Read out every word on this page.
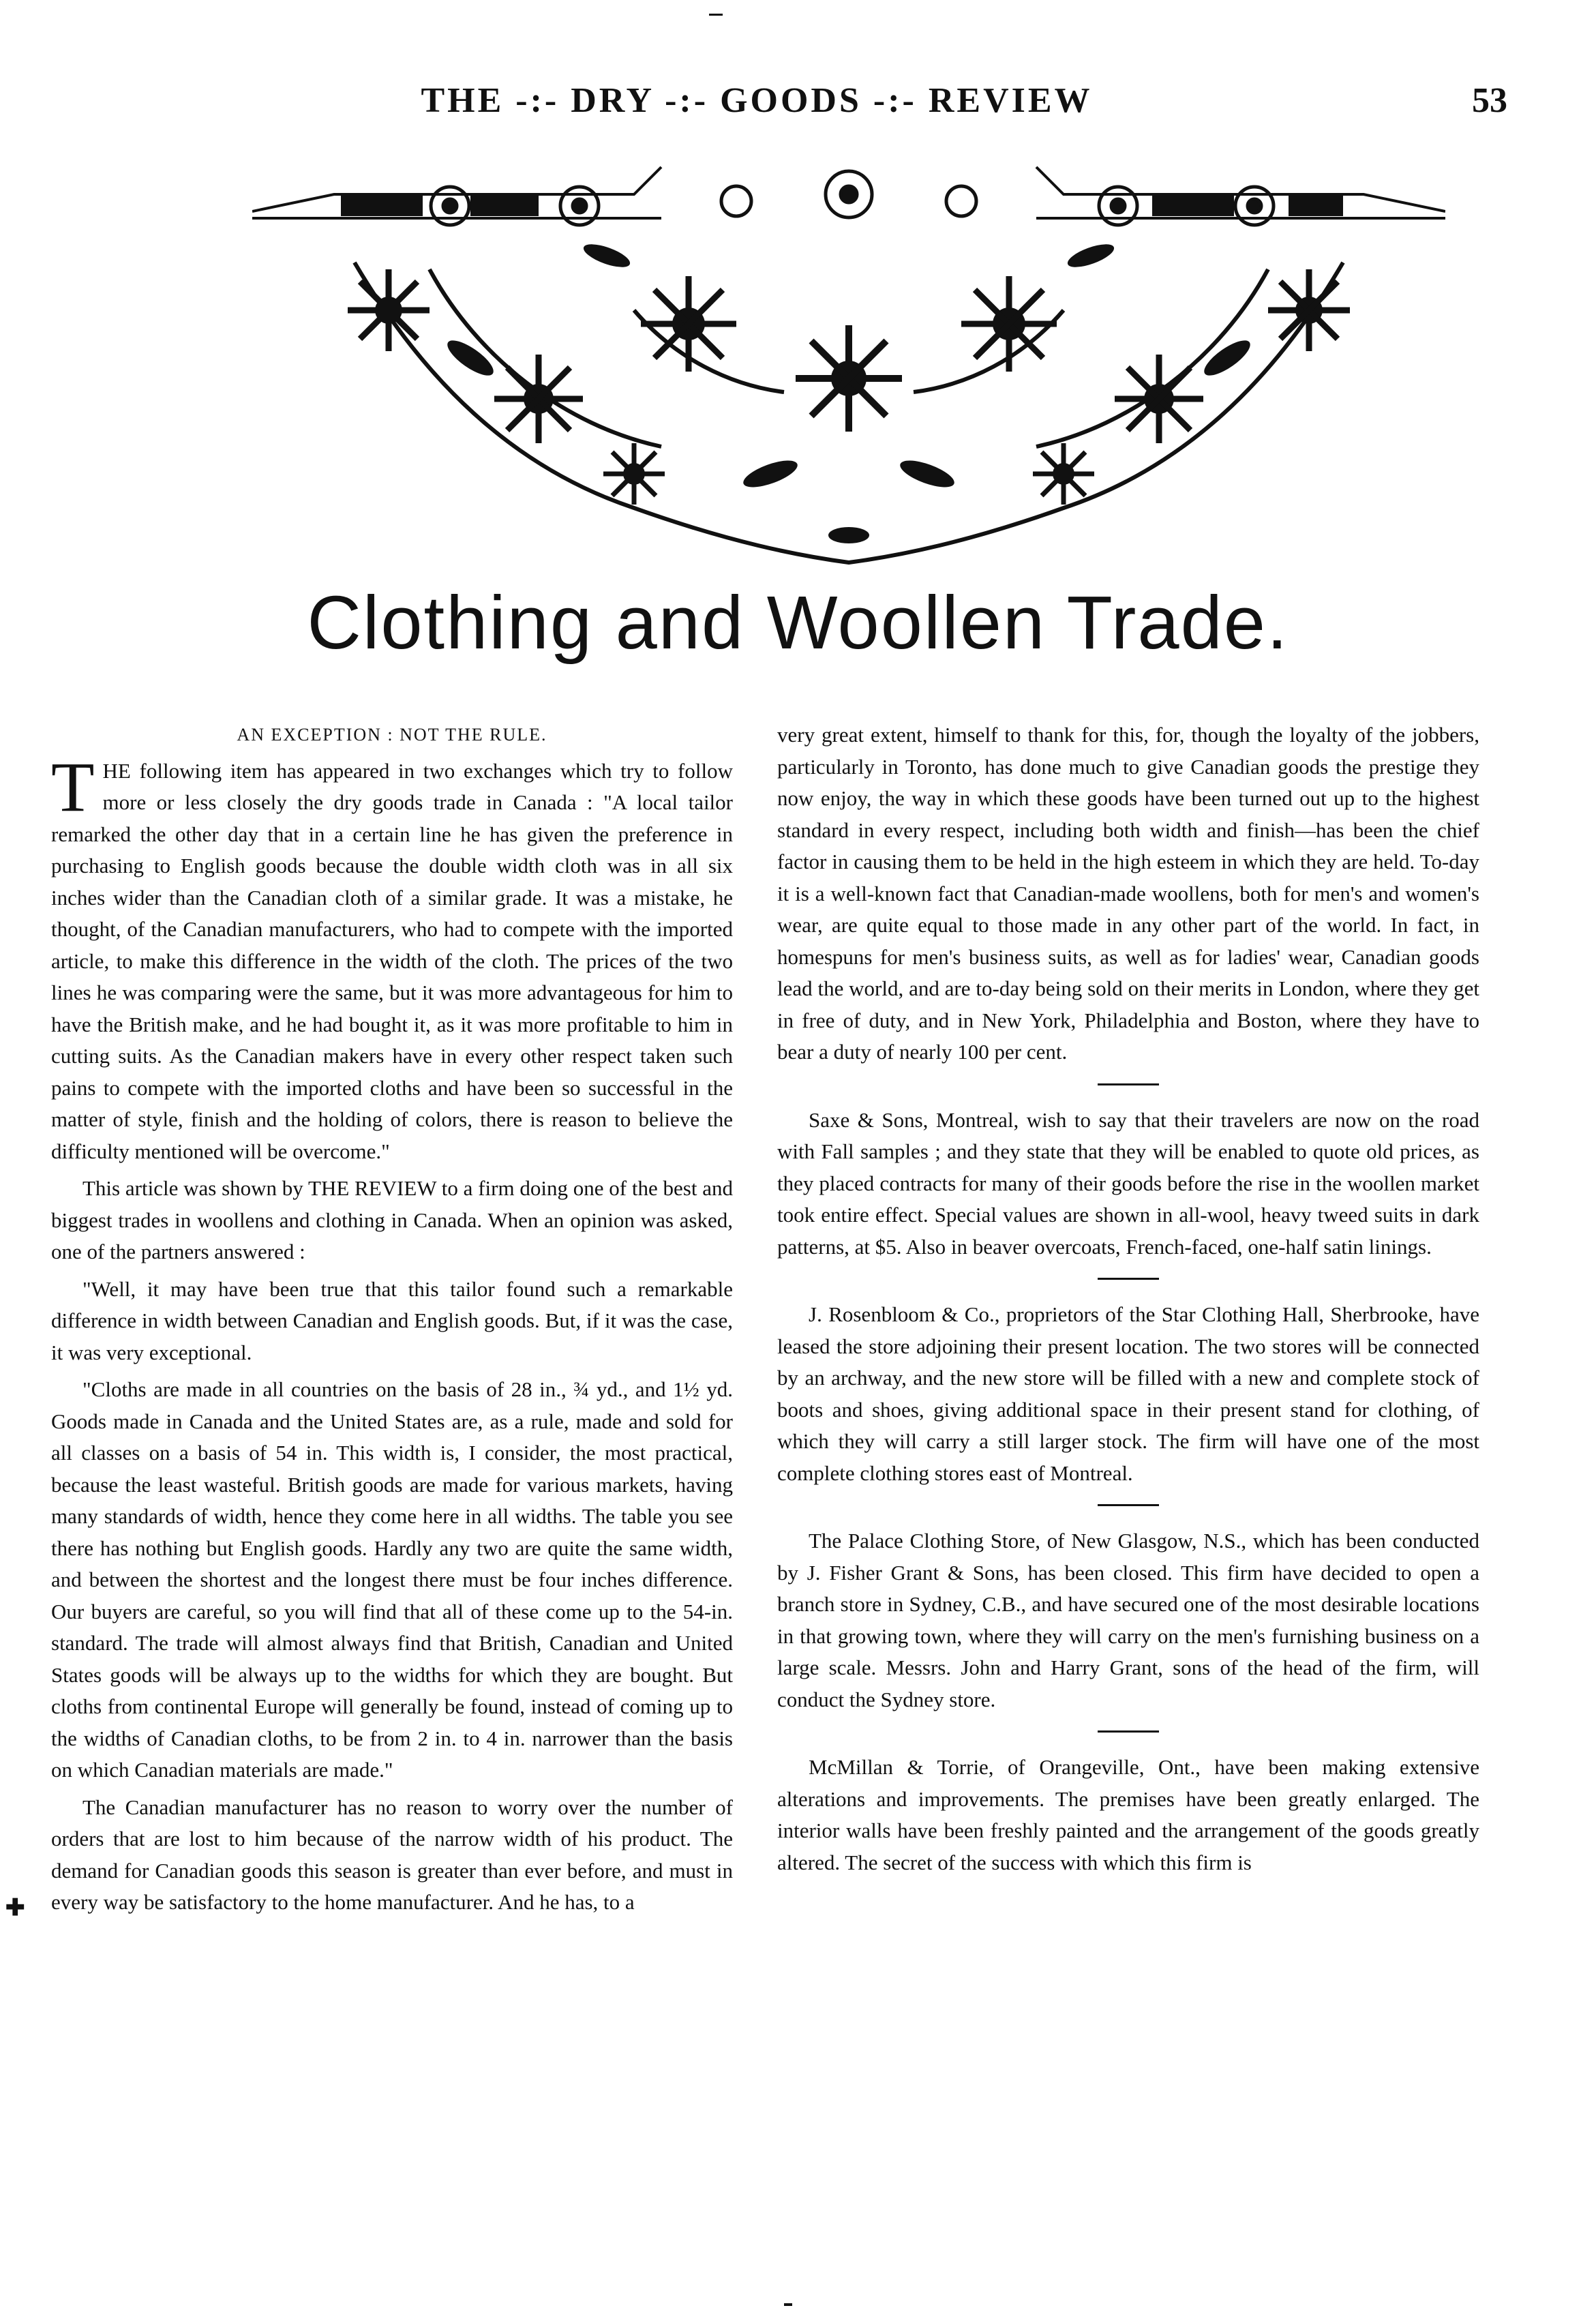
THE -:- DRY -:- GOODS -:- REVIEW	53
Clothing and Woollen Trade.

AN EXCEPTION : NOT THE RULE.

THE following item has appeared in two exchanges which try to follow more or less closely the dry goods trade in Canada : "A local tailor remarked the other day that in a certain line he has given the preference in purchasing to English goods because the double width cloth was in all six inches wider than the Canadian cloth of a similar grade. It was a mistake, he thought, of the Canadian manufacturers, who had to compete with the imported article, to make this difference in the width of the cloth. The prices of the two lines he was comparing were the same, but it was more advantageous for him to have the British make, and he had bought it, as it was more profitable to him in cutting suits. As the Canadian makers have in every other respect taken such pains to compete with the imported cloths and have been so successful in the matter of style, finish and the holding of colors, there is reason to believe the difficulty mentioned will be overcome."

This article was shown by THE REVIEW to a firm doing one of the best and biggest trades in woollens and clothing in Canada. When an opinion was asked, one of the partners answered :

"Well, it may have been true that this tailor found such a remarkable difference in width between Canadian and English goods. But, if it was the case, it was very exceptional.

"Cloths are made in all countries on the basis of 28 in., ¾ yd., and 1½ yd. Goods made in Canada and the United States are, as a rule, made and sold for all classes on a basis of 54 in. This width is, I consider, the most practical, because the least wasteful. British goods are made for various markets, having many standards of width, hence they come here in all widths. The table you see there has nothing but English goods. Hardly any two are quite the same width, and between the shortest and the longest there must be four inches difference. Our buyers are careful, so you will find that all of these come up to the 54-in. standard. The trade will almost always find that British, Canadian and United States goods will be always up to the widths for which they are bought. But cloths from continental Europe will generally be found, instead of coming up to the widths of Canadian cloths, to be from 2 in. to 4 in. narrower than the basis on which Canadian materials are made."

The Canadian manufacturer has no reason to worry over the number of orders that are lost to him because of the narrow width of his product. The demand for Canadian goods this season is greater than ever before, and must in every way be satisfactory to the home manufacturer. And he has, to a

very great extent, himself to thank for this, for, though the loyalty of the jobbers, particularly in Toronto, has done much to give Canadian goods the prestige they now enjoy, the way in which these goods have been turned out up to the highest standard in every respect, including both width and finish—has been the chief factor in causing them to be held in the high esteem in which they are held. To-day it is a well-known fact that Canadian-made woollens, both for men's and women's wear, are quite equal to those made in any other part of the world. In fact, in homespuns for men's business suits, as well as for ladies' wear, Canadian goods lead the world, and are to-day being sold on their merits in London, where they get in free of duty, and in New York, Philadelphia and Boston, where they have to bear a duty of nearly 100 per cent.

Saxe & Sons, Montreal, wish to say that their travelers are now on the road with Fall samples ; and they state that they will be enabled to quote old prices, as they placed contracts for many of their goods before the rise in the woollen market took entire effect. Special values are shown in all-wool, heavy tweed suits in dark patterns, at $5. Also in beaver overcoats, French-faced, one-half satin linings.

J. Rosenbloom & Co., proprietors of the Star Clothing Hall, Sherbrooke, have leased the store adjoining their present location. The two stores will be connected by an archway, and the new store will be filled with a new and complete stock of boots and shoes, giving additional space in their present stand for clothing, of which they will carry a still larger stock. The firm will have one of the most complete clothing stores east of Montreal.

The Palace Clothing Store, of New Glasgow, N.S., which has been conducted by J. Fisher Grant & Sons, has been closed. This firm have decided to open a branch store in Sydney, C.B., and have secured one of the most desirable locations in that growing town, where they will carry on the men's furnishing business on a large scale. Messrs. John and Harry Grant, sons of the head of the firm, will conduct the Sydney store.

McMillan & Torrie, of Orangeville, Ont., have been making extensive alterations and improvements. The premises have been greatly enlarged. The interior walls have been freshly painted and the arrangement of the goods greatly altered. The secret of the success with which this firm is

✚
